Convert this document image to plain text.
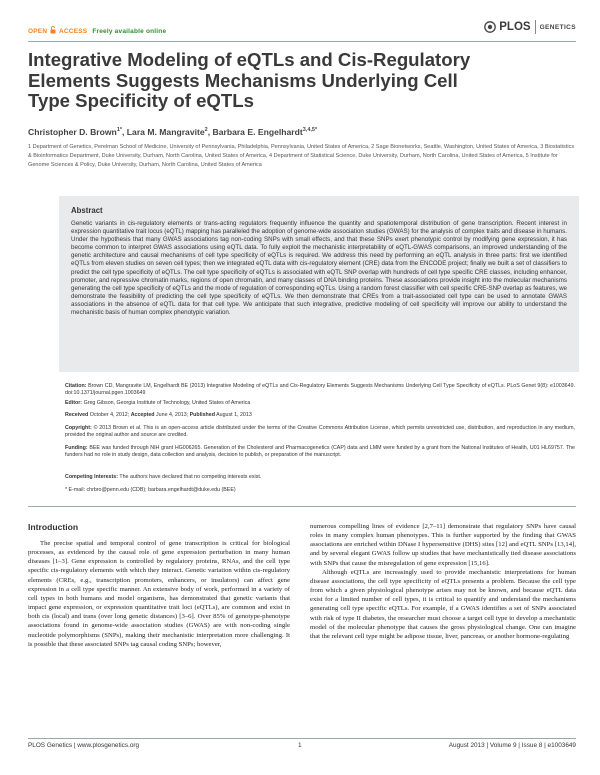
OPEN ACCESS Freely available online	PLOS GENETICS
Integrative Modeling of eQTLs and Cis-Regulatory Elements Suggests Mechanisms Underlying Cell Type Specificity of eQTLs
Christopher D. Brown$^{1*}$, Lara M. Mangravite$^2$, Barbara E. Engelhardt$^{3,4,5*}$
1 Department of Genetics, Perelman School of Medicine, University of Pennsylvania, Philadelphia, Pennsylvania, United States of America, 2 Sage Bionetworks, Seattle, Washington, United States of America, 3 Biostatistics & Bioinformatics Department, Duke University, Durham, North Carolina, United States of America, 4 Department of Statistical Science, Duke University, Durham, North Carolina, United States of America, 5 Institute for Genome Sciences & Policy, Duke University, Durham, North Carolina, United States of America
Abstract
Genetic variants in cis-regulatory elements or trans-acting regulators frequently influence the quantity and spatiotemporal distribution of gene transcription. Recent interest in expression quantitative trait locus (eQTL) mapping has paralleled the adoption of genome-wide association studies (GWAS) for the analysis of complex traits and disease in humans. Under the hypothesis that many GWAS associations tag non-coding SNPs with small effects, and that these SNPs exert phenotypic control by modifying gene expression, it has become common to interpret GWAS associations using eQTL data. To fully exploit the mechanistic interpretability of eQTL-GWAS comparisons, an improved understanding of the genetic architecture and causal mechanisms of cell type specificity of eQTLs is required. We address this need by performing an eQTL analysis in three parts: first we identified eQTLs from eleven studies on seven cell types; then we integrated eQTL data with cis-regulatory element (CRE) data from the ENCODE project; finally we built a set of classifiers to predict the cell type specificity of eQTLs. The cell type specificity of eQTLs is associated with eQTL SNP overlap with hundreds of cell type specific CRE classes, including enhancer, promoter, and repressive chromatin marks, regions of open chromatin, and many classes of DNA binding proteins. These associations provide insight into the molecular mechanisms generating the cell type specificity of eQTLs and the mode of regulation of corresponding eQTLs. Using a random forest classifier with cell specific CRE-SNP overlap as features, we demonstrate the feasibility of predicting the cell type specificity of eQTLs. We then demonstrate that CREs from a trait-associated cell type can be used to annotate GWAS associations in the absence of eQTL data for that cell type. We anticipate that such integrative, predictive modeling of cell specificity will improve our ability to understand the mechanistic basis of human complex phenotypic variation.
Citation: Brown CD, Mangravite LM, Engelhardt BE (2013) Integrative Modeling of eQTLs and Cis-Regulatory Elements Suggests Mechanisms Underlying Cell Type Specificity of eQTLs. PLoS Genet 9(8): e1003649. doi:10.1371/journal.pgen.1003649
Editor: Greg Gibson, Georgia Institute of Technology, United States of America
Received October 4, 2012; Accepted June 4, 2013; Published August 1, 2013
Copyright: © 2013 Brown et al. This is an open-access article distributed under the terms of the Creative Commons Attribution License, which permits unrestricted use, distribution, and reproduction in any medium, provided the original author and source are credited.
Funding: BEE was funded through NIH grant HG006265. Generation of the Cholesterol and Pharmacogenetics (CAP) data and LMM were funded by a grant from the National Institutes of Health, U01 HL69757. The funders had no role in study design, data collection and analysis, decision to publish, or preparation of the manuscript.
Competing Interests: The authors have declared that no competing interests exist.
* E-mail: chrbro@penn.edu (CDB); barbara.engelhardt@duke.edu (BEE)
Introduction

The precise spatial and temporal control of gene transcription is critical for biological processes, as evidenced by the causal role of gene expression perturbation in many human diseases [1–3]. Gene expression is controlled by regulatory proteins, RNAs, and the cell type specific cis-regulatory elements with which they interact. Genetic variation within cis-regulatory elements (CREs, e.g., transcription promoters, enhancers, or insulators) can affect gene expression in a cell type specific manner. An extensive body of work, performed in a variety of cell types in both humans and model organisms, has demonstrated that genetic variants that impact gene expression, or expression quantitative trait loci (eQTLs), are common and exist in both cis (local) and trans (over long genetic distances) [3–6]. Over 85% of genotype-phenotype associations found in genome-wide association studies (GWAS) are with non-coding single nucleotide polymorphisms (SNPs), making their mechanistic interpretation more challenging. It is possible that these associated SNPs tag causal coding SNPs; however,

numerous compelling lines of evidence [2,7–11] demonstrate that regulatory SNPs have causal roles in many complex human phenotypes. This is further supported by the finding that GWAS associations are enriched within DNase I hypersensitive (DHS) sites [12] and eQTL SNPs [13,14], and by several elegant GWAS follow up studies that have mechanistically tied disease associations with SNPs that cause the misregulation of gene expression [15,16].

Although eQTLs are increasingly used to provide mechanistic interpretations for human disease associations, the cell type specificity of eQTLs presents a problem. Because the cell type from which a given physiological phenotype arises may not be known, and because eQTL data exist for a limited number of cell types, it is critical to quantify and understand the mechanisms generating cell type specific eQTLs. For example, if a GWAS identifies a set of SNPs associated with risk of type II diabetes, the researcher must choose a target cell type to develop a mechanistic model of the molecular phenotype that causes the gross physiological change. One can imagine that the relevant cell type might be adipose tissue, liver, pancreas, or another hormone-regulating

PLOS Genetics | www.plosgenetics.org	1	August 2013 | Volume 9 | Issue 8 | e1003649
